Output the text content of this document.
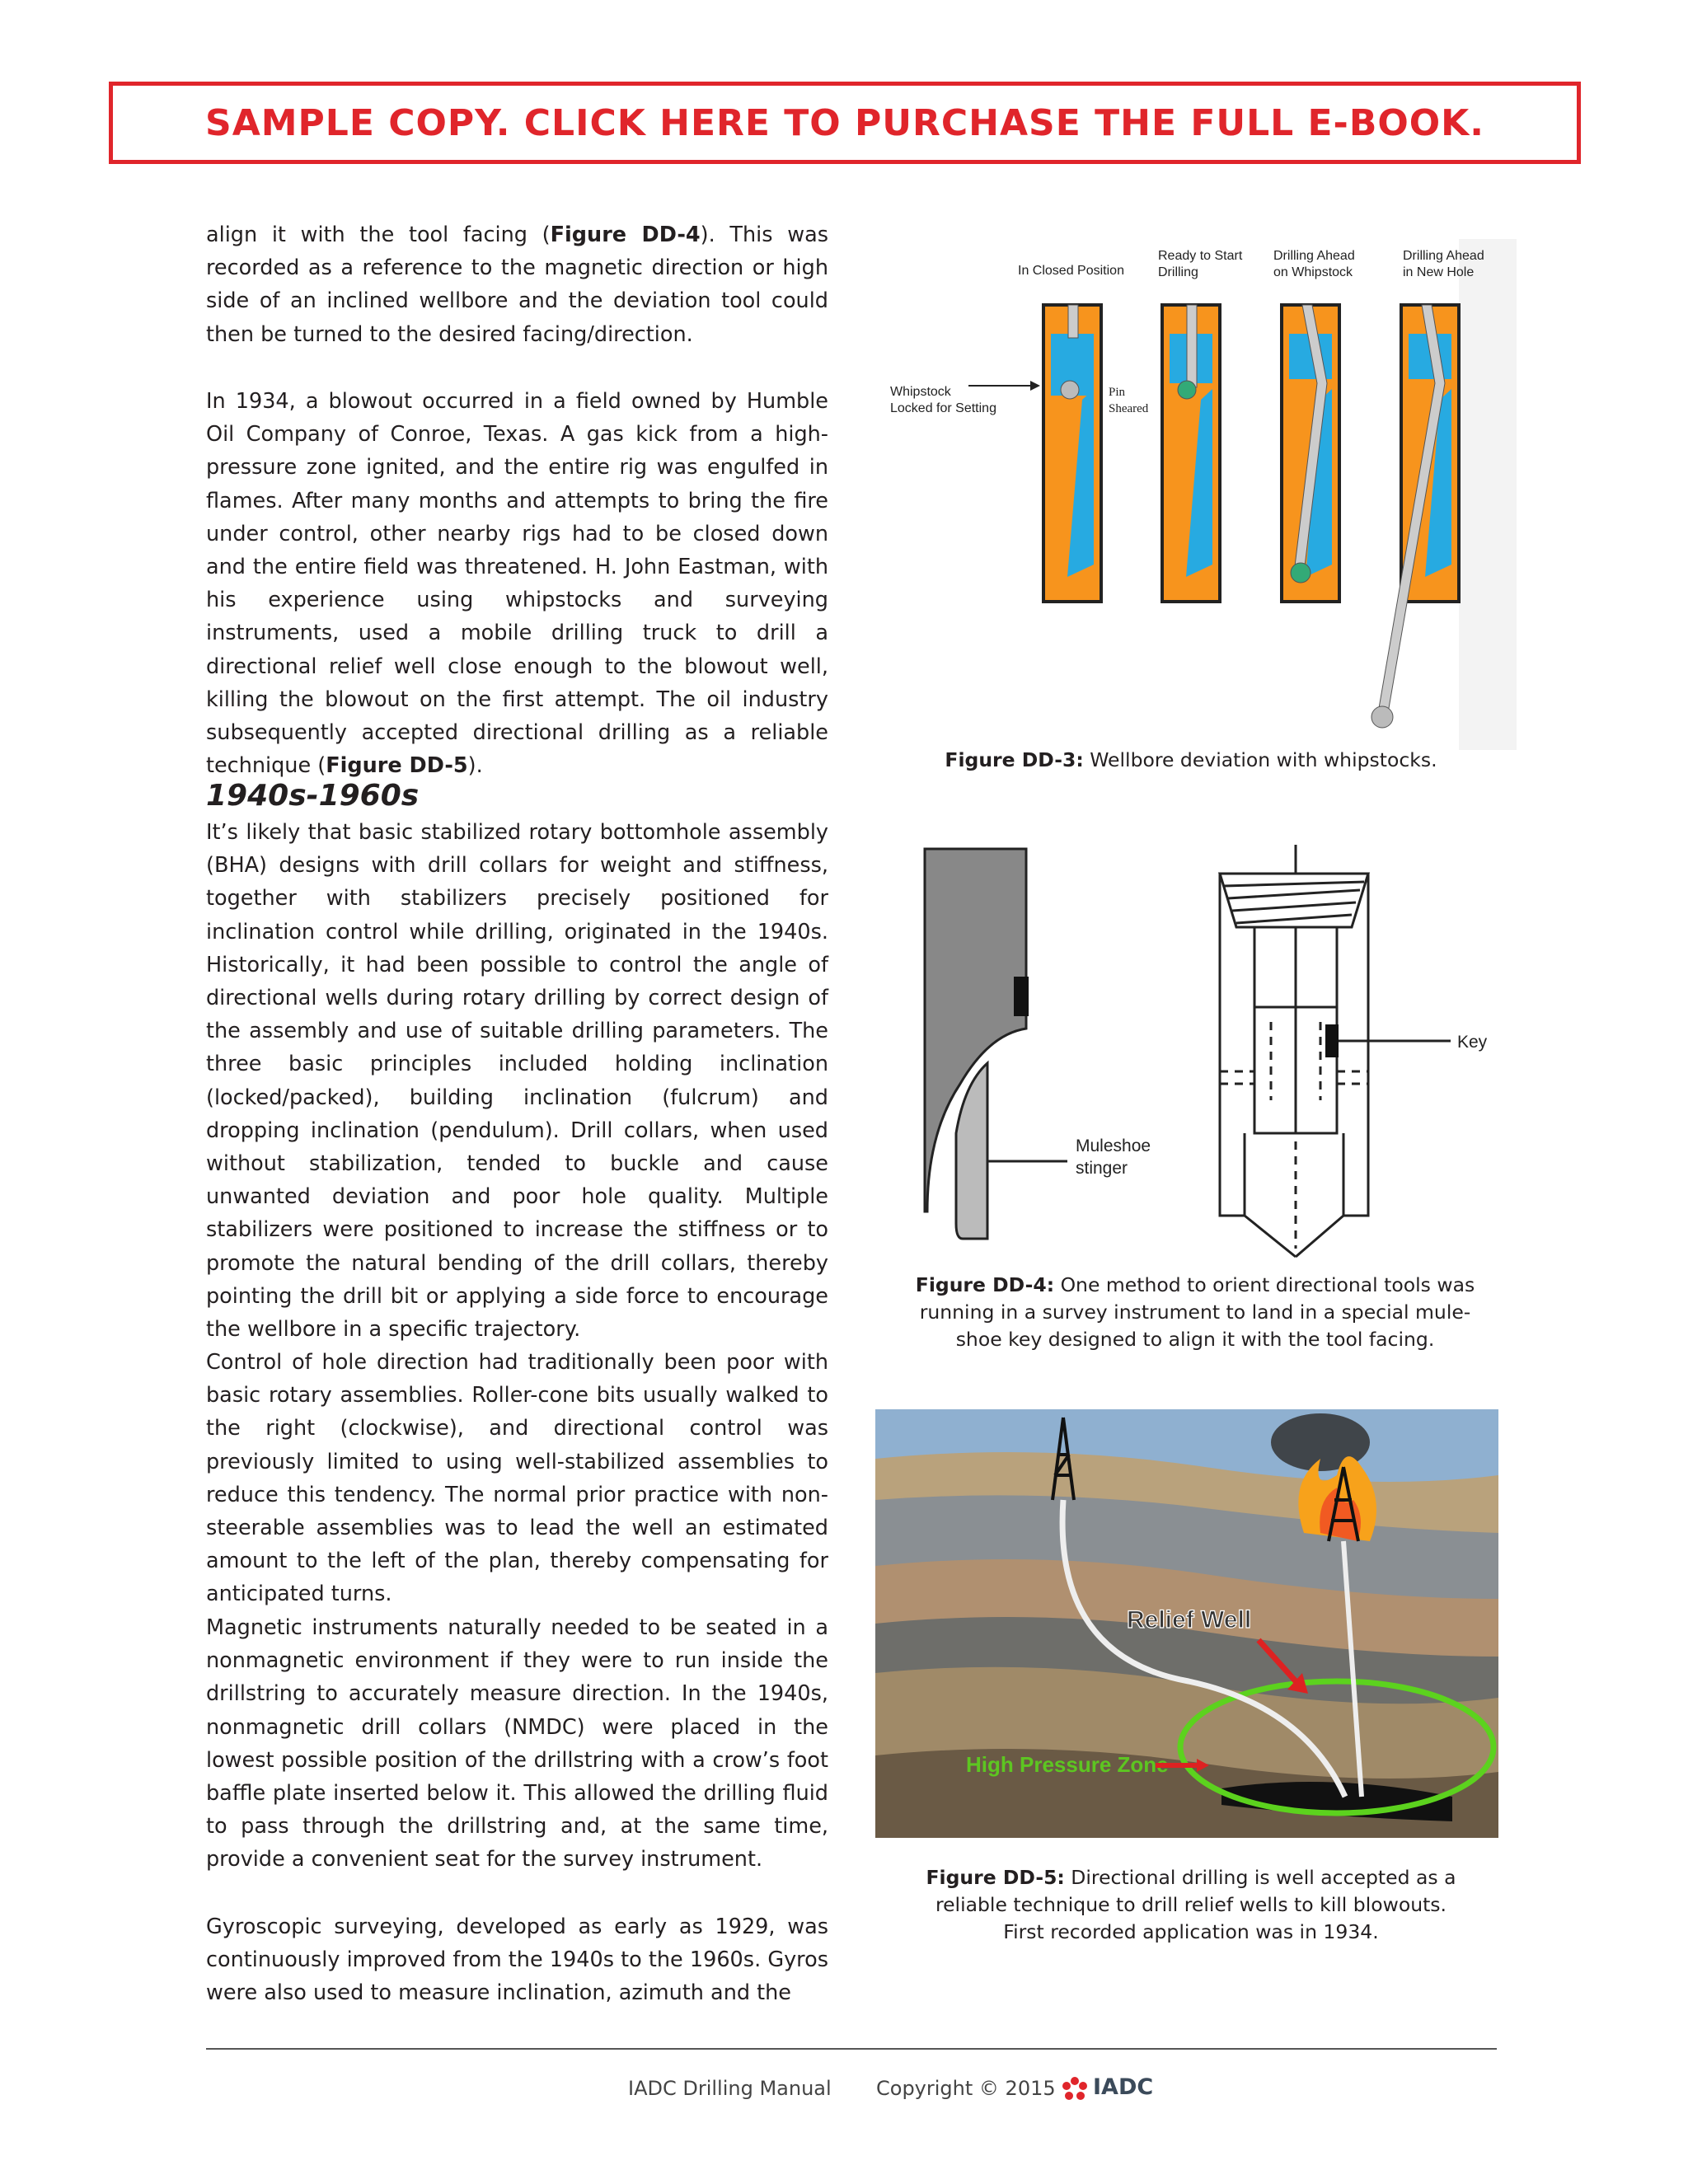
SAMPLE COPY. CLICK HERE TO PURCHASE THE FULL E-BOOK.

align it with the tool facing (Figure DD-4). This was recorded as a reference to the magnetic direction or high side of an inclined wellbore and the deviation tool could then be turned to the desired facing/direction.

In 1934, a blowout occurred in a field owned by Humble Oil Company of Conroe, Texas. A gas kick from a high-pressure zone ignited, and the entire rig was engulfed in flames. After many months and attempts to bring the fire under control, other nearby rigs had to be closed down and the entire field was threatened. H. John Eastman, with his experience using whipstocks and surveying instruments, used a mobile drilling truck to drill a directional relief well close enough to the blowout well, killing the blowout on the first attempt. The oil industry subsequently accepted directional drilling as a reliable technique (Figure DD-5).

1940s-1960s

It’s likely that basic stabilized rotary bottomhole assembly (BHA) designs with drill collars for weight and stiffness, together with stabilizers precisely positioned for inclination control while drilling, originated in the 1940s. Historically, it had been possible to control the angle of directional wells during rotary drilling by correct design of the assembly and use of suitable drilling parameters. The three basic principles included holding inclination (locked/packed), building inclination (fulcrum) and dropping inclination (pendulum). Drill collars, when used without stabilization, tended to buckle and cause unwanted deviation and poor hole quality. Multiple stabilizers were positioned to increase the stiffness or to promote the natural bending of the drill collars, thereby pointing the drill bit or applying a side force to encourage the wellbore in a specific trajectory.

Control of hole direction had traditionally been poor with basic rotary assemblies. Roller-cone bits usually walked to the right (clockwise), and directional control was previously limited to using well-stabilized assemblies to reduce this tendency. The normal prior practice with non-steerable assemblies was to lead the well an estimated amount to the left of the plan, thereby compensating for anticipated turns.

Magnetic instruments naturally needed to be seated in a nonmagnetic environment if they were to run inside the drillstring to accurately measure direction. In the 1940s, nonmagnetic drill collars (NMDC) were placed in the lowest possible position of the drillstring with a crow’s foot baffle plate inserted below it. This allowed the drilling fluid to pass through the drillstring and, at the same time, provide a convenient seat for the survey instrument.

Gyroscopic surveying, developed as early as 1929, was continuously improved from the 1940s to the 1960s. Gyros were also used to measure inclination, azimuth and the

In Closed Position
Ready to Start
Drilling
Drilling Ahead
on Whipstock
Drilling Ahead
in New Hole
Whipstock
Locked for Setting
Pin
Sheared
Figure DD-3: Wellbore deviation with whipstocks.
Muleshoe
stinger
Key
Figure DD-4: One method to orient directional tools was
running in a survey instrument to land in a special mule-
shoe key designed to align it with the tool facing.
Relief Well
High Pressure Zone
Figure DD-5: Directional drilling is well accepted as a
reliable technique to drill relief wells to kill blowouts.
First recorded application was in 1934.
IADC Drilling Manual Copyright © 2015 IADC
